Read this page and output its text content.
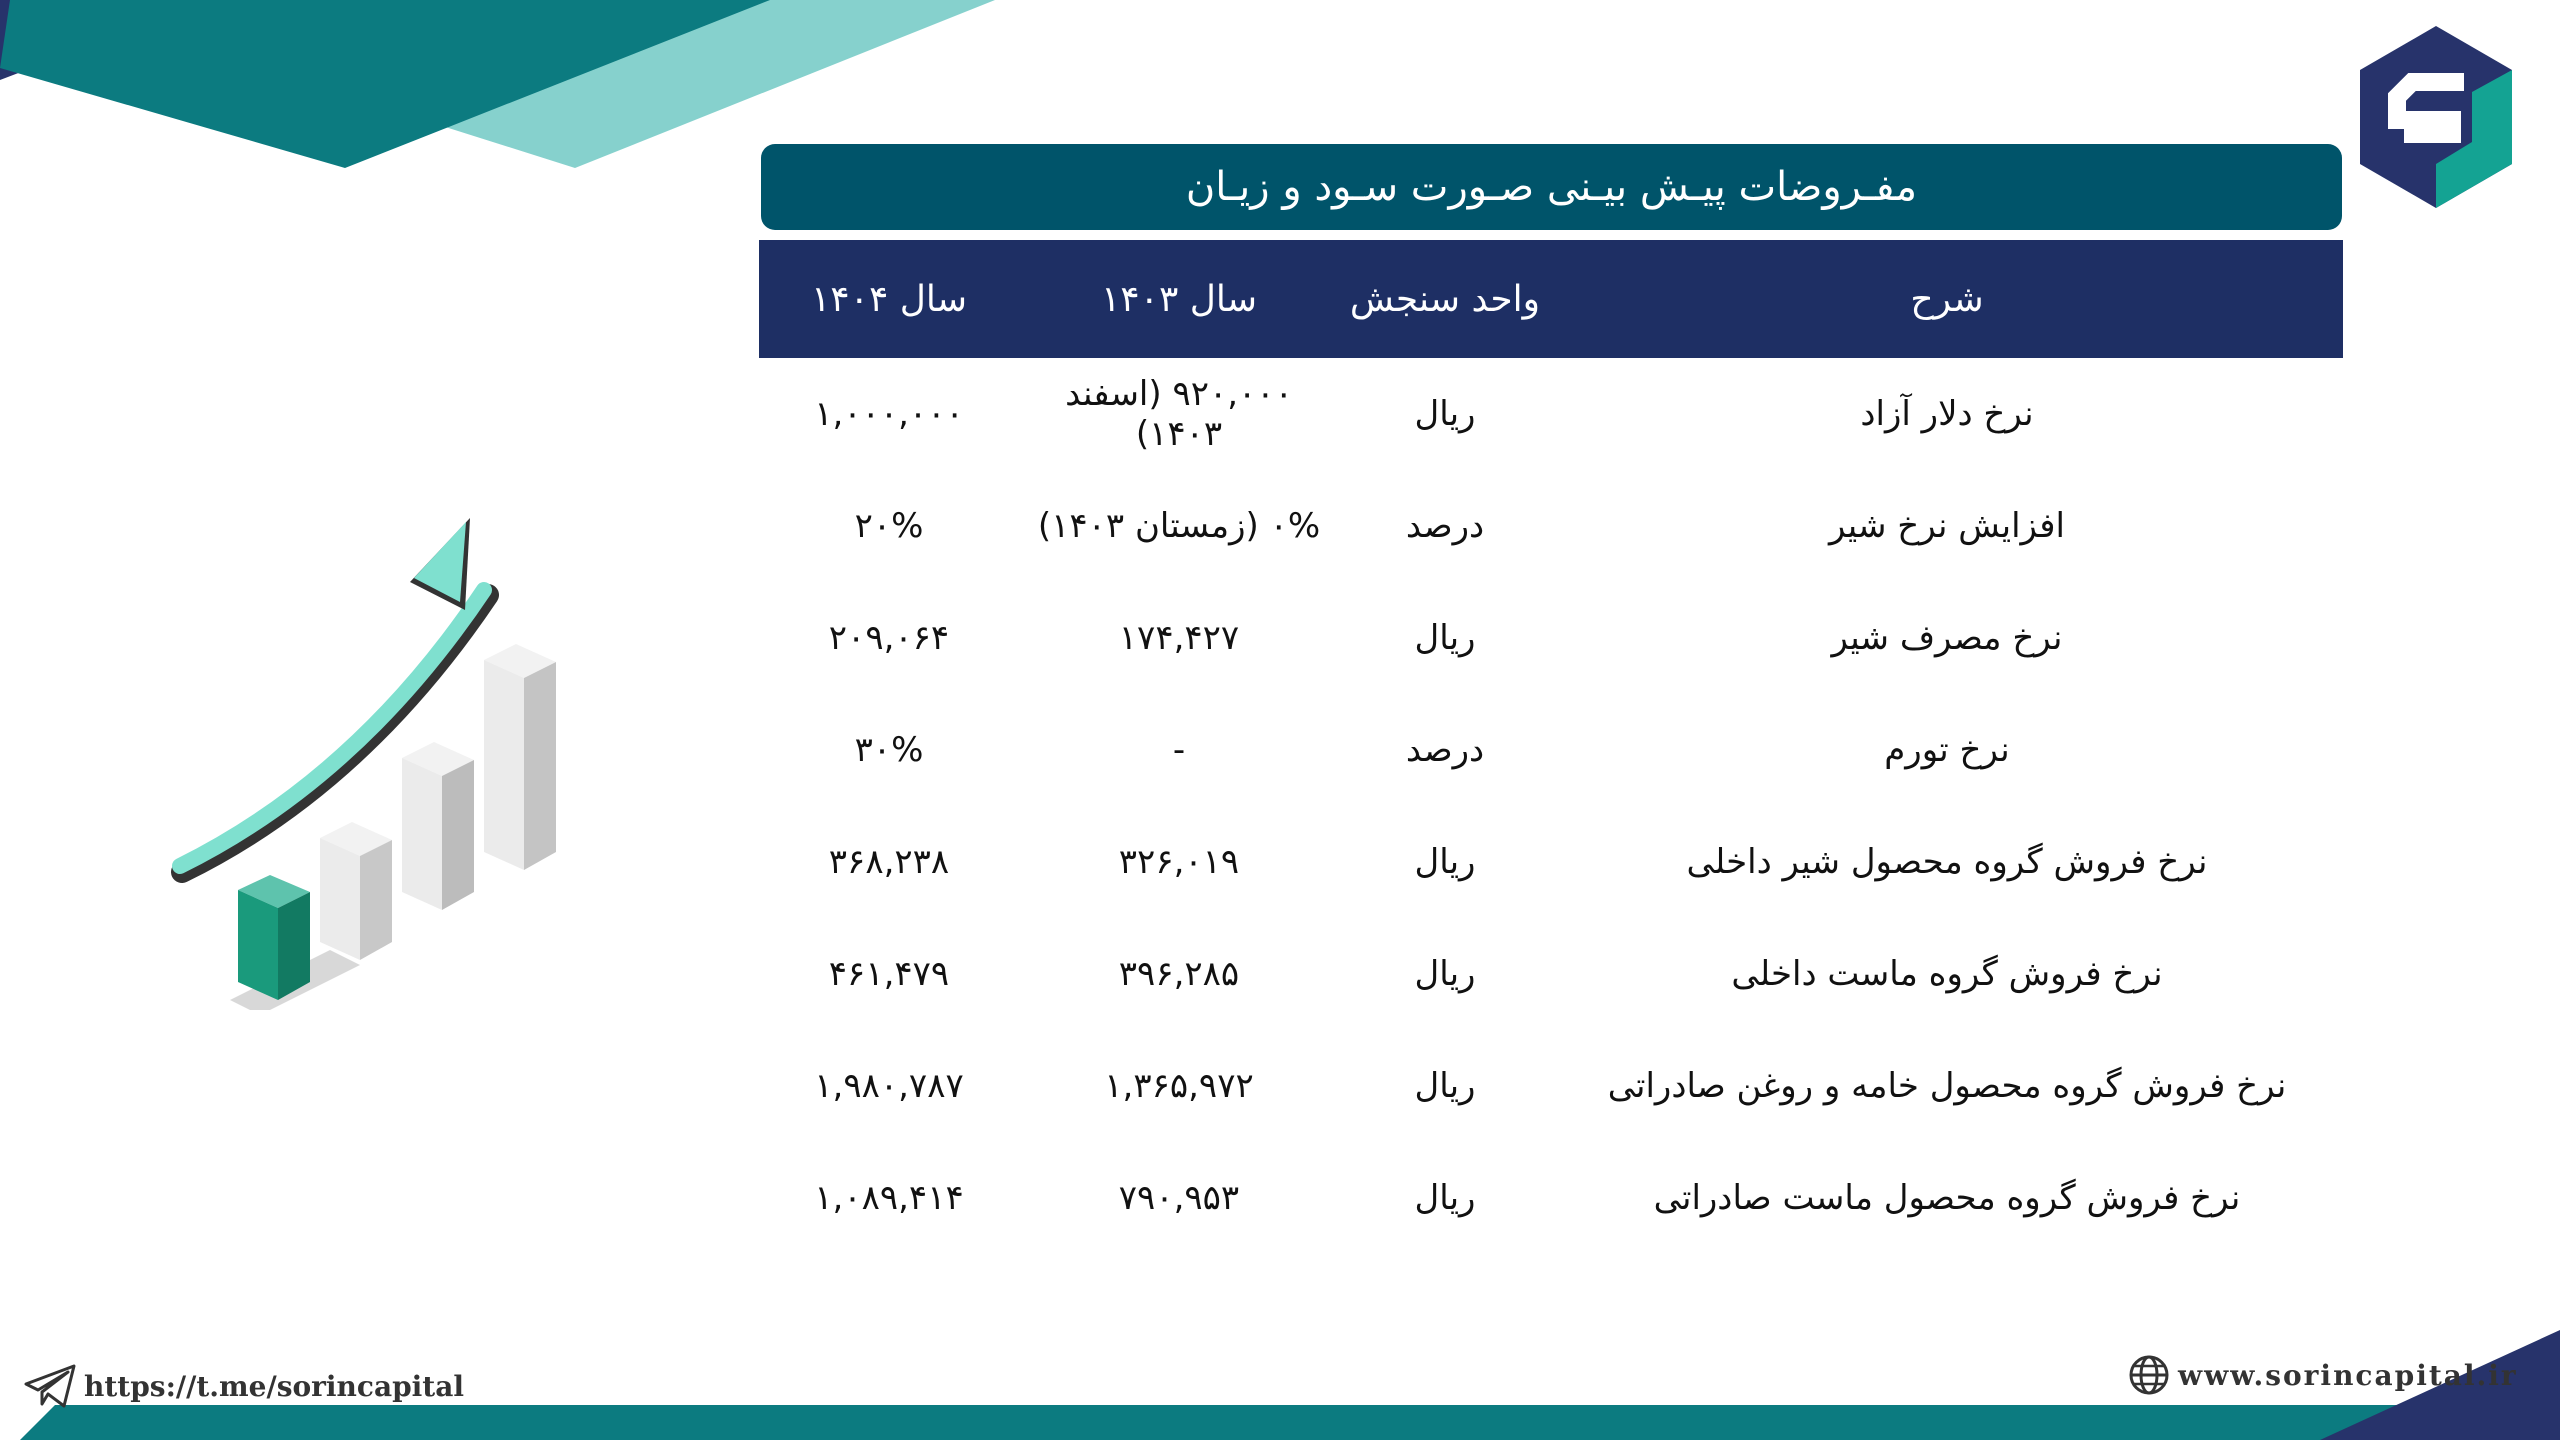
مفـروضات پیـش بیـنی صـورت سـود و زیـان
شرح	واحد سنجش	سال ۱۴۰۳	سال ۱۴۰۴
نرخ دلار آزاد	ریال	۹۲۰,۰۰۰ (اسفند ۱۴۰۳)	۱,۰۰۰,۰۰۰
افزایش نرخ شیر	درصد	۰% (زمستان ۱۴۰۳)	۲۰%
نرخ مصرف شیر	ریال	۱۷۴,۴۲۷	۲۰۹,۰۶۴
نرخ تورم	درصد	-	۳۰%
نرخ فروش گروه محصول شیر داخلی	ریال	۳۲۶,۰۱۹	۳۶۸,۲۳۸
نرخ فروش گروه ماست داخلی	ریال	۳۹۶,۲۸۵	۴۶۱,۴۷۹
نرخ فروش گروه محصول خامه و روغن صادراتی	ریال	۱,۳۶۵,۹۷۲	۱,۹۸۰,۷۸۷
نرخ فروش گروه محصول ماست صادراتی	ریال	۷۹۰,۹۵۳	۱,۰۸۹,۴۱۴
https://t.me/sorincapital	www.sorincapital.ir
